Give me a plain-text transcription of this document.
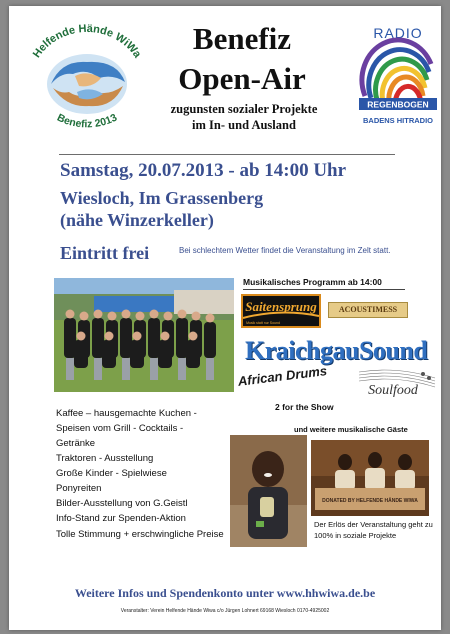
Helfende Hände WiWa
Benefiz 2013
Benefiz
Open-Air
zugunsten sozialer Projekte
im In- und Ausland
RADIO
REGENBOGEN
BADENS HITRADIO
Samstag, 20.07.2013 - ab 14:00 Uhr
Wiesloch, Im Grassenberg
(nähe Winzerkeller)
Eintritt frei	Bei schlechtem Wetter findet die Veranstaltung im Zelt statt.
Musikalisches Programm ab 14:00
Saitensprung
Musik statt nur Sound
ACOUSTIMESS
KraichgauSound
African Drums
Soulfood
2 for the Show
und weitere musikalische Gäste
Kaffee – hausgemachte Kuchen -
Speisen vom Grill - Cocktails -
Getränke
Traktoren - Ausstellung
Große Kinder - Spielwiese
Ponyreiten
Bilder-Ausstellung von G.Geistl
Info-Stand zur Spenden-Aktion
Tolle Stimmung + erschwingliche Preise
DONATED BY HELFENDE HÄNDE WIWA
Der Erlös der Veranstaltung geht zu 100% in soziale Projekte
Weitere Infos und Spendenkonto unter www.hhwiwa.de.be
Veranstalter: Verein Helfende Hände Wiwa c/o Jürgen Lohnert 69168 Wiesloch 0170-4925002
